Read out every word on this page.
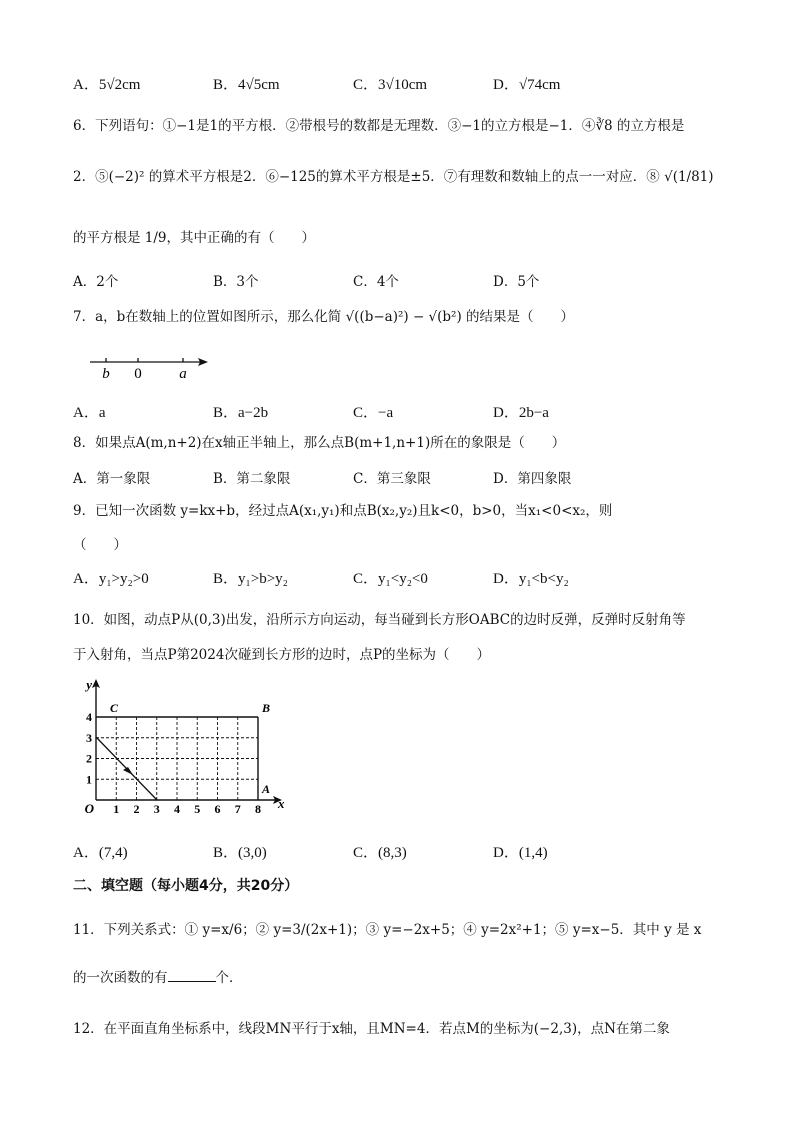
A．5√2cm	B．4√5cm	C．3√10cm	D．√74cm
6．下列语句：①−1是1的平方根．②带根号的数都是无理数．③−1的立方根是−1．④∛8 的立方根是
2．⑤(−2)² 的算术平方根是2．⑥−125的算术平方根是±5．⑦有理数和数轴上的点一一对应．⑧ √(1/81)
的平方根是 1/9，其中正确的有（　　）
A．2个	B．3个	C．4个	D．5个
7．a，b在数轴上的位置如图所示，那么化简 √((b−a)²) − √(b²) 的结果是（　　）
b 0	a
A．a	B．a−2b	C．−a	D．2b−a
8．如果点A(m,n+2)在x轴正半轴上，那么点B(m+1,n+1)所在的象限是（　　）
A．第一象限	B．第二象限	C．第三象限	D．第四象限
9．已知一次函数 y=kx+b，经过点A(x₁,y₁)和点B(x₂,y₂)且k<0，b>0，当x₁<0<x₂，则
（　　）
A．y₁>y₂>0	B．y₁>b>y₂	C．y₁<y₂<0	D．y₁<b<y₂
10．如图，动点P从(0,3)出发，沿所示方向运动，每当碰到长方形OABC的边时反弹，反弹时反射角等
于入射角，当点P第2024次碰到长方形的边时，点P的坐标为（　　）
y
x
O
C	B
A
1 2 3 4 5 6 7 8
1
2
3
4
A．(7,4)	B．(3,0)	C．(8,3)	D．(1,4)
二、填空题（每小题4分，共20分）
11．下列关系式：① y=x/6；② y=3/(2x+1)；③ y=−2x+5；④ y=2x²+1；⑤ y=x−5．其中 y 是 x
的一次函数的有	个．
12．在平面直角坐标系中，线段MN平行于x轴，且MN=4．若点M的坐标为(−2,3)，点N在第二象
